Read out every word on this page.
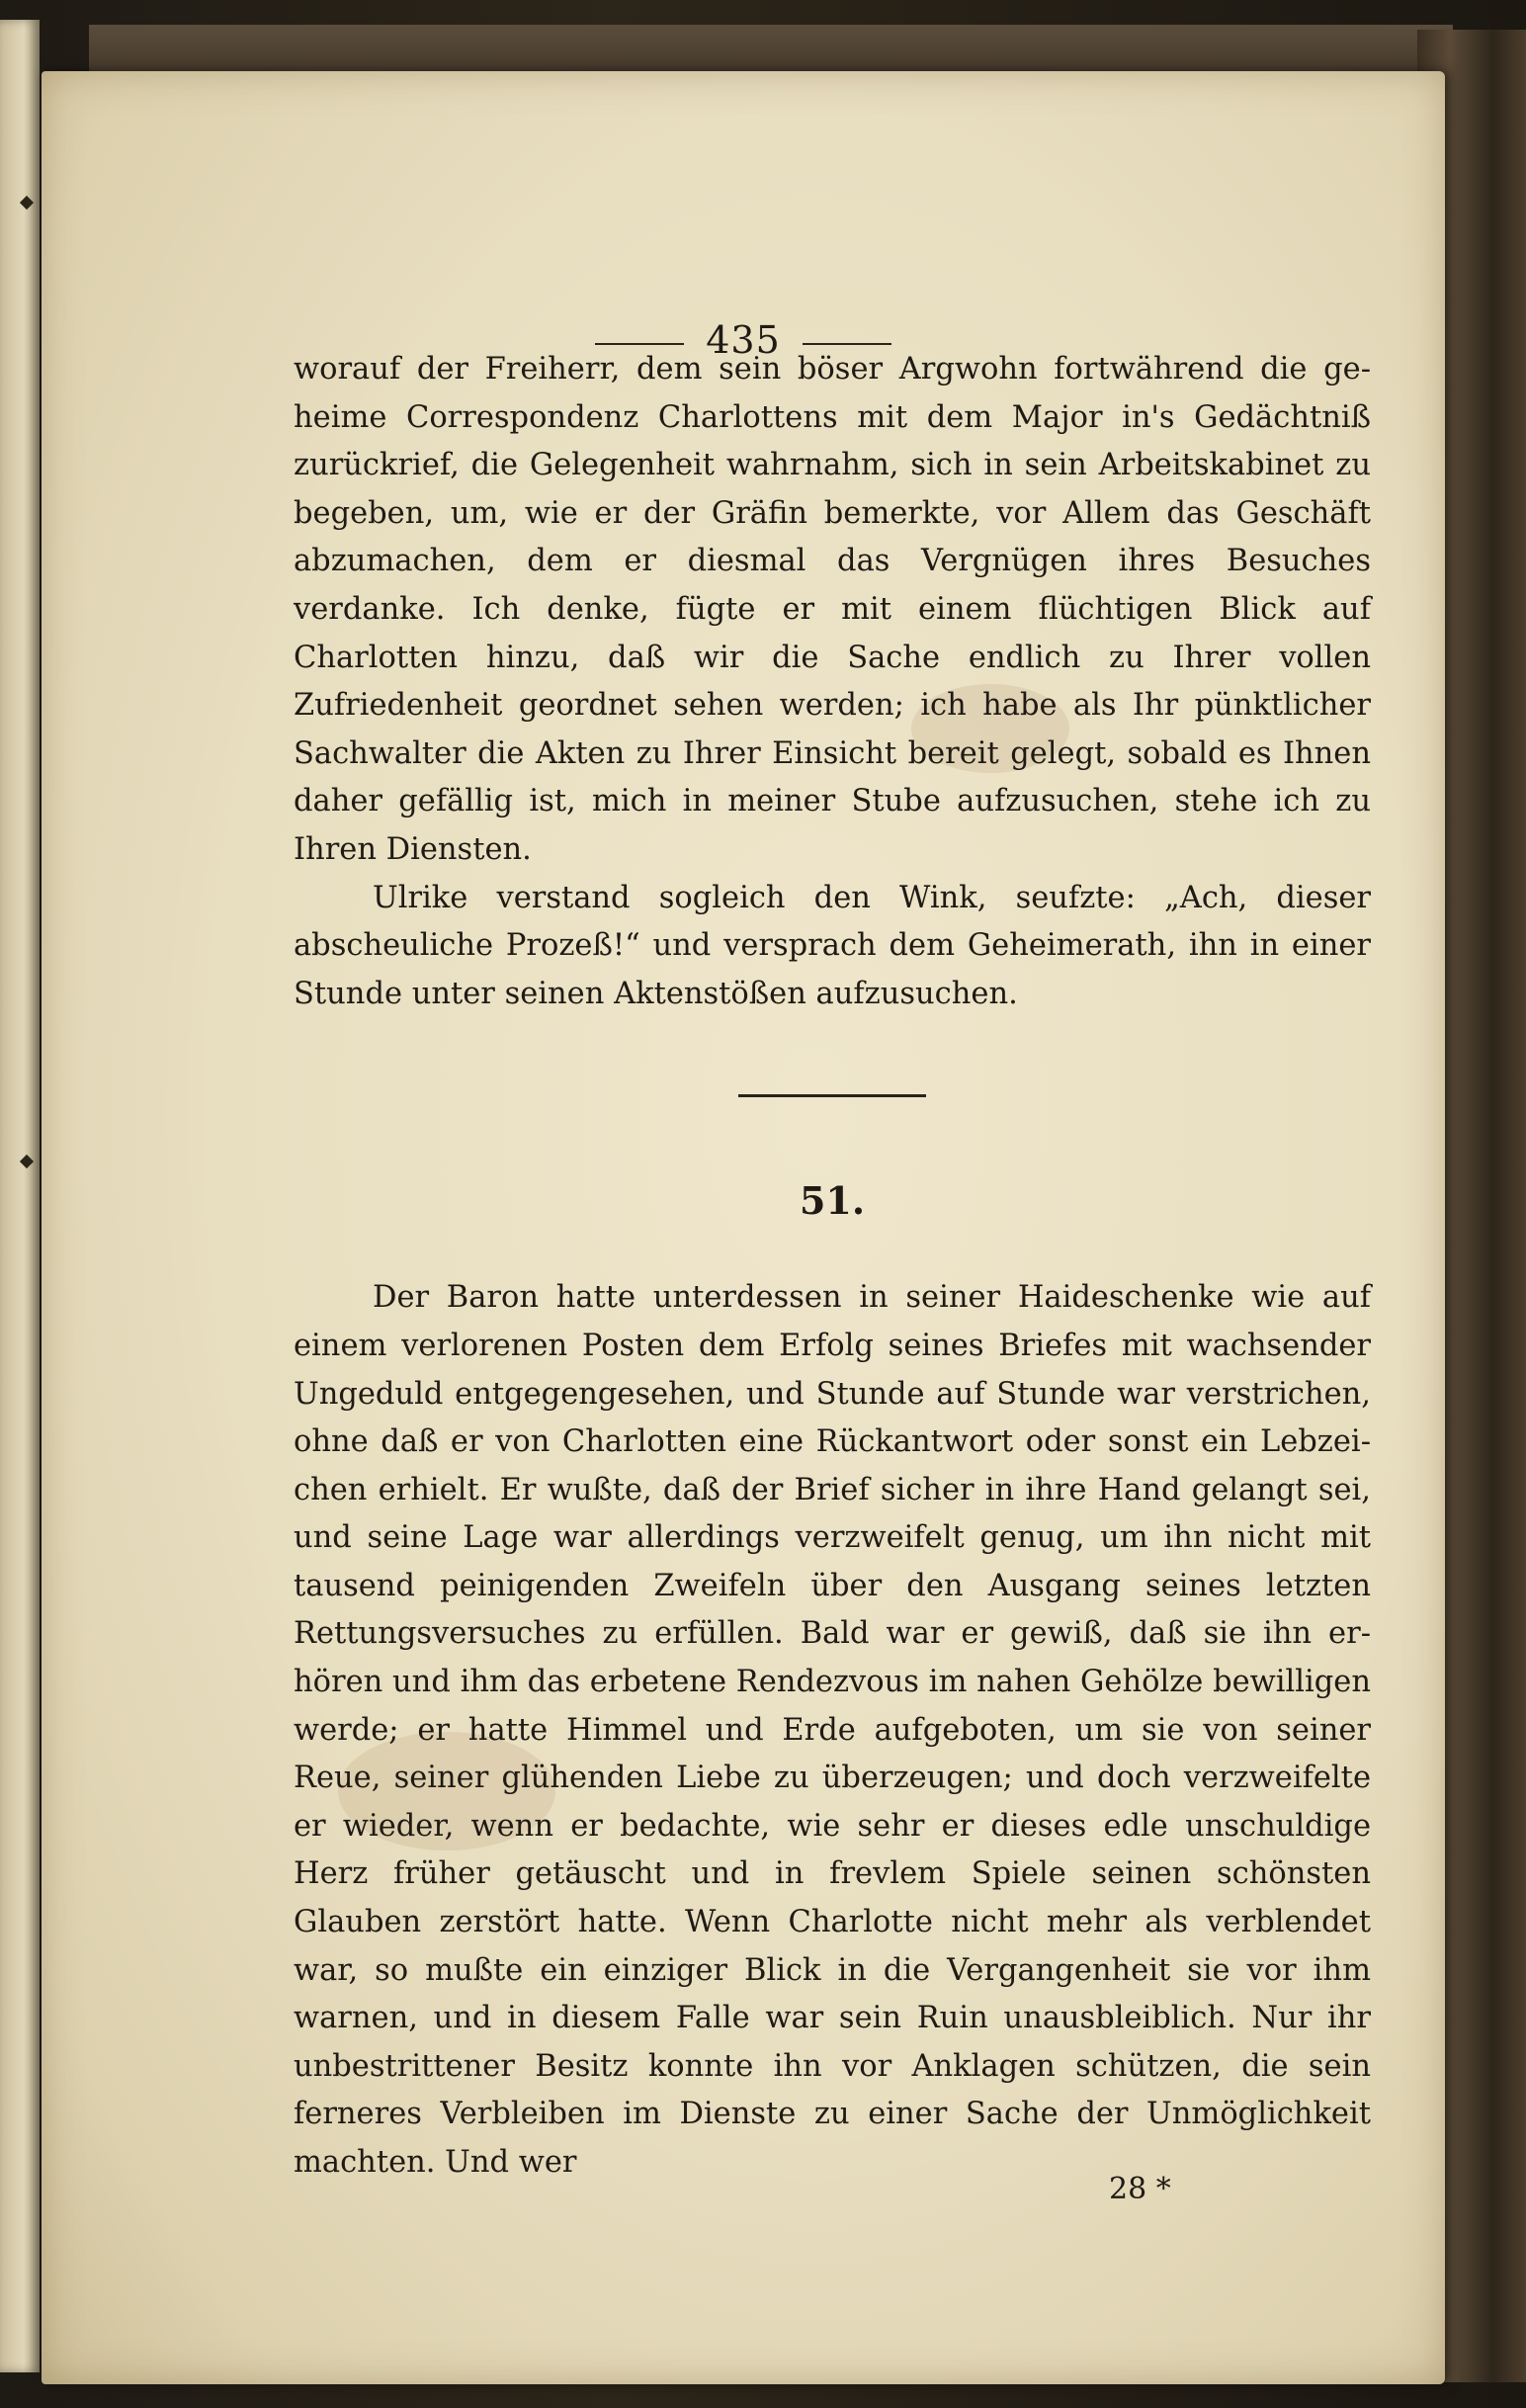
435

worauf der Freiherr, dem sein böser Argwohn fortwährend die geheime Correspondenz Charlottens mit dem Major in's Gedächtniß zurückrief, die Gelegenheit wahrnahm, sich in sein Arbeitskabinet zu begeben, um, wie er der Gräfin bemerkte, vor Allem das Geschäft abzumachen, dem er diesmal das Vergnügen ihres Besuches verdanke. Ich denke, fügte er mit einem flüchtigen Blick auf Charlotten hinzu, daß wir die Sache endlich zu Ihrer vollen Zufriedenheit geordnet sehen werden; ich habe als Ihr pünktlicher Sachwalter die Akten zu Ihrer Einsicht bereit gelegt, sobald es Ihnen daher gefällig ist, mich in meiner Stube aufzusuchen, stehe ich zu Ihren Diensten.

Ulrike verstand sogleich den Wink, seufzte: „Ach, dieser abscheuliche Prozeß!“ und versprach dem Geheimerath, ihn in einer Stunde unter seinen Aktenstößen aufzusuchen.

51.

Der Baron hatte unterdessen in seiner Haideschenke wie auf einem verlorenen Posten dem Erfolg seines Briefes mit wachsender Ungeduld entgegengesehen, und Stunde auf Stunde war verstrichen, ohne daß er von Charlotten eine Rückantwort oder sonst ein Lebzeichen erhielt. Er wußte, daß der Brief sicher in ihre Hand gelangt sei, und seine Lage war allerdings verzweifelt genug, um ihn nicht mit tausend peinigenden Zweifeln über den Ausgang seines letzten Rettungsversuches zu erfüllen. Bald war er gewiß, daß sie ihn erhören und ihm das erbetene Rendezvous im nahen Gehölze bewilligen werde; er hatte Himmel und Erde aufgeboten, um sie von seiner Reue, seiner glühenden Liebe zu überzeugen; und doch verzweifelte er wieder, wenn er bedachte, wie sehr er dieses edle unschuldige Herz früher getäuscht und in frevlem Spiele seinen schönsten Glauben zerstört hatte. Wenn Charlotte nicht mehr als verblendet war, so mußte ein einziger Blick in die Vergangenheit sie vor ihm warnen, und in diesem Falle war sein Ruin unausbleiblich. Nur ihr unbestrittener Besitz konnte ihn vor Anklagen schützen, die sein ferneres Verbleiben im Dienste zu einer Sache der Unmöglichkeit machten. Und wer

28 *
